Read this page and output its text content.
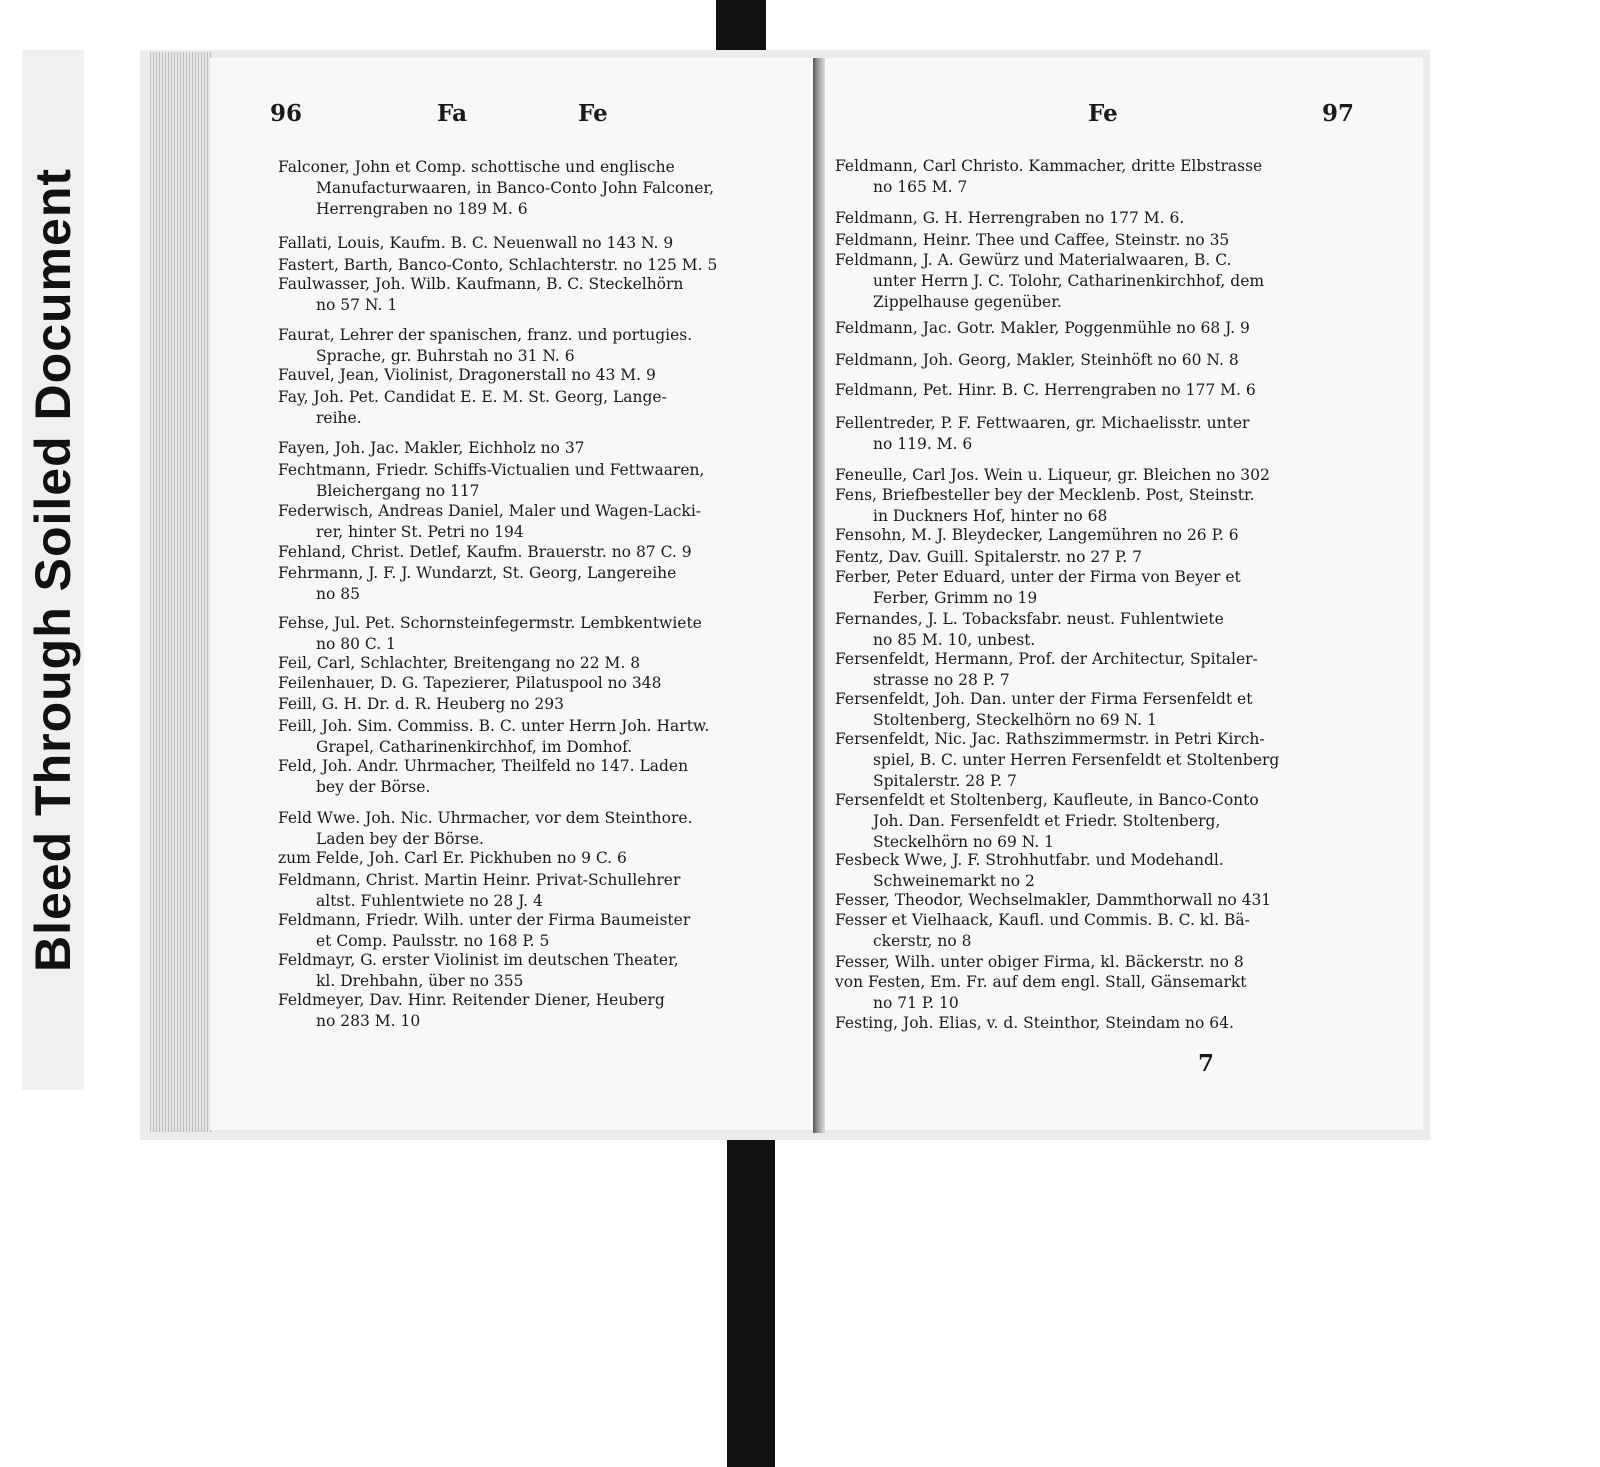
Bleed Through Soiled Document
96	Fa	Fe	Fe	97
Falconer, John et Comp. schottische und englische
Manufacturwaaren, in Banco-Conto John Falconer,
Herrengraben no 189 M. 6
Fallati, Louis, Kaufm. B. C. Neuenwall no 143 N. 9
Fastert, Barth, Banco-Conto, Schlachterstr. no 125 M. 5
Faulwasser, Joh. Wilb. Kaufmann, B. C. Steckelhörn
no 57 N. 1
Faurat, Lehrer der spanischen, franz. und portugies.
Sprache, gr. Buhrstah no 31 N. 6
Fauvel, Jean, Violinist, Dragonerstall no 43 M. 9
Fay, Joh. Pet. Candidat E. E. M. St. Georg, Lange-
reihe.
Fayen, Joh. Jac. Makler, Eichholz no 37
Fechtmann, Friedr. Schiffs-Victualien und Fettwaaren,
Bleichergang no 117
Federwisch, Andreas Daniel, Maler und Wagen-Lacki-
rer, hinter St. Petri no 194
Fehland, Christ. Detlef, Kaufm. Brauerstr. no 87 C. 9
Fehrmann, J. F. J. Wundarzt, St. Georg, Langereihe
no 85
Fehse, Jul. Pet. Schornsteinfegermstr. Lembkentwiete
no 80 C. 1
Feil, Carl, Schlachter, Breitengang no 22 M. 8
Feilenhauer, D. G. Tapezierer, Pilatuspool no 348
Feill, G. H. Dr. d. R. Heuberg no 293
Feill, Joh. Sim. Commiss. B. C. unter Herrn Joh. Hartw.
Grapel, Catharinenkirchhof, im Domhof.
Feld, Joh. Andr. Uhrmacher, Theilfeld no 147. Laden
bey der Börse.
Feld Wwe. Joh. Nic. Uhrmacher, vor dem Steinthore.
Laden bey der Börse.
zum Felde, Joh. Carl Er. Pickhuben no 9 C. 6
Feldmann, Christ. Martin Heinr. Privat-Schullehrer
altst. Fuhlentwiete no 28 J. 4
Feldmann, Friedr. Wilh. unter der Firma Baumeister
et Comp. Paulsstr. no 168 P. 5
Feldmayr, G. erster Violinist im deutschen Theater,
kl. Drehbahn, über no 355
Feldmeyer, Dav. Hinr. Reitender Diener, Heuberg
no 283 M. 10
Feldmann, Carl Christo. Kammacher, dritte Elbstrasse
no 165 M. 7
Feldmann, G. H. Herrengraben no 177 M. 6.
Feldmann, Heinr. Thee und Caffee, Steinstr. no 35
Feldmann, J. A. Gewürz und Materialwaaren, B. C.
unter Herrn J. C. Tolohr, Catharinenkirchhof, dem
Zippelhause gegenüber.
Feldmann, Jac. Gotr. Makler, Poggenmühle no 68 J. 9
Feldmann, Joh. Georg, Makler, Steinhöft no 60 N. 8
Feldmann, Pet. Hinr. B. C. Herrengraben no 177 M. 6
Fellentreder, P. F. Fettwaaren, gr. Michaelisstr. unter
no 119. M. 6
Feneulle, Carl Jos. Wein u. Liqueur, gr. Bleichen no 302
Fens, Briefbesteller bey der Mecklenb. Post, Steinstr.
in Duckners Hof, hinter no 68
Fensohn, M. J. Bleydecker, Langemühren no 26 P. 6
Fentz, Dav. Guill. Spitalerstr. no 27 P. 7
Ferber, Peter Eduard, unter der Firma von Beyer et
Ferber, Grimm no 19
Fernandes, J. L. Tobacksfabr. neust. Fuhlentwiete
no 85 M. 10, unbest.
Fersenfeldt, Hermann, Prof. der Architectur, Spitaler-
strasse no 28 P. 7
Fersenfeldt, Joh. Dan. unter der Firma Fersenfeldt et
Stoltenberg, Steckelhörn no 69 N. 1
Fersenfeldt, Nic. Jac. Rathszimmermstr. in Petri Kirch-
spiel, B. C. unter Herren Fersenfeldt et Stoltenberg
Spitalerstr. 28 P. 7
Fersenfeldt et Stoltenberg, Kaufleute, in Banco-Conto
Joh. Dan. Fersenfeldt et Friedr. Stoltenberg,
Steckelhörn no 69 N. 1
Fesbeck Wwe, J. F. Strohhutfabr. und Modehandl.
Schweinemarkt no 2
Fesser, Theodor, Wechselmakler, Dammthorwall no 431
Fesser et Vielhaack, Kaufl. und Commis. B. C. kl. Bä-
ckerstr, no 8
Fesser, Wilh. unter obiger Firma, kl. Bäckerstr. no 8
von Festen, Em. Fr. auf dem engl. Stall, Gänsemarkt
no 71 P. 10
Festing, Joh. Elias, v. d. Steinthor, Steindam no 64.
7
